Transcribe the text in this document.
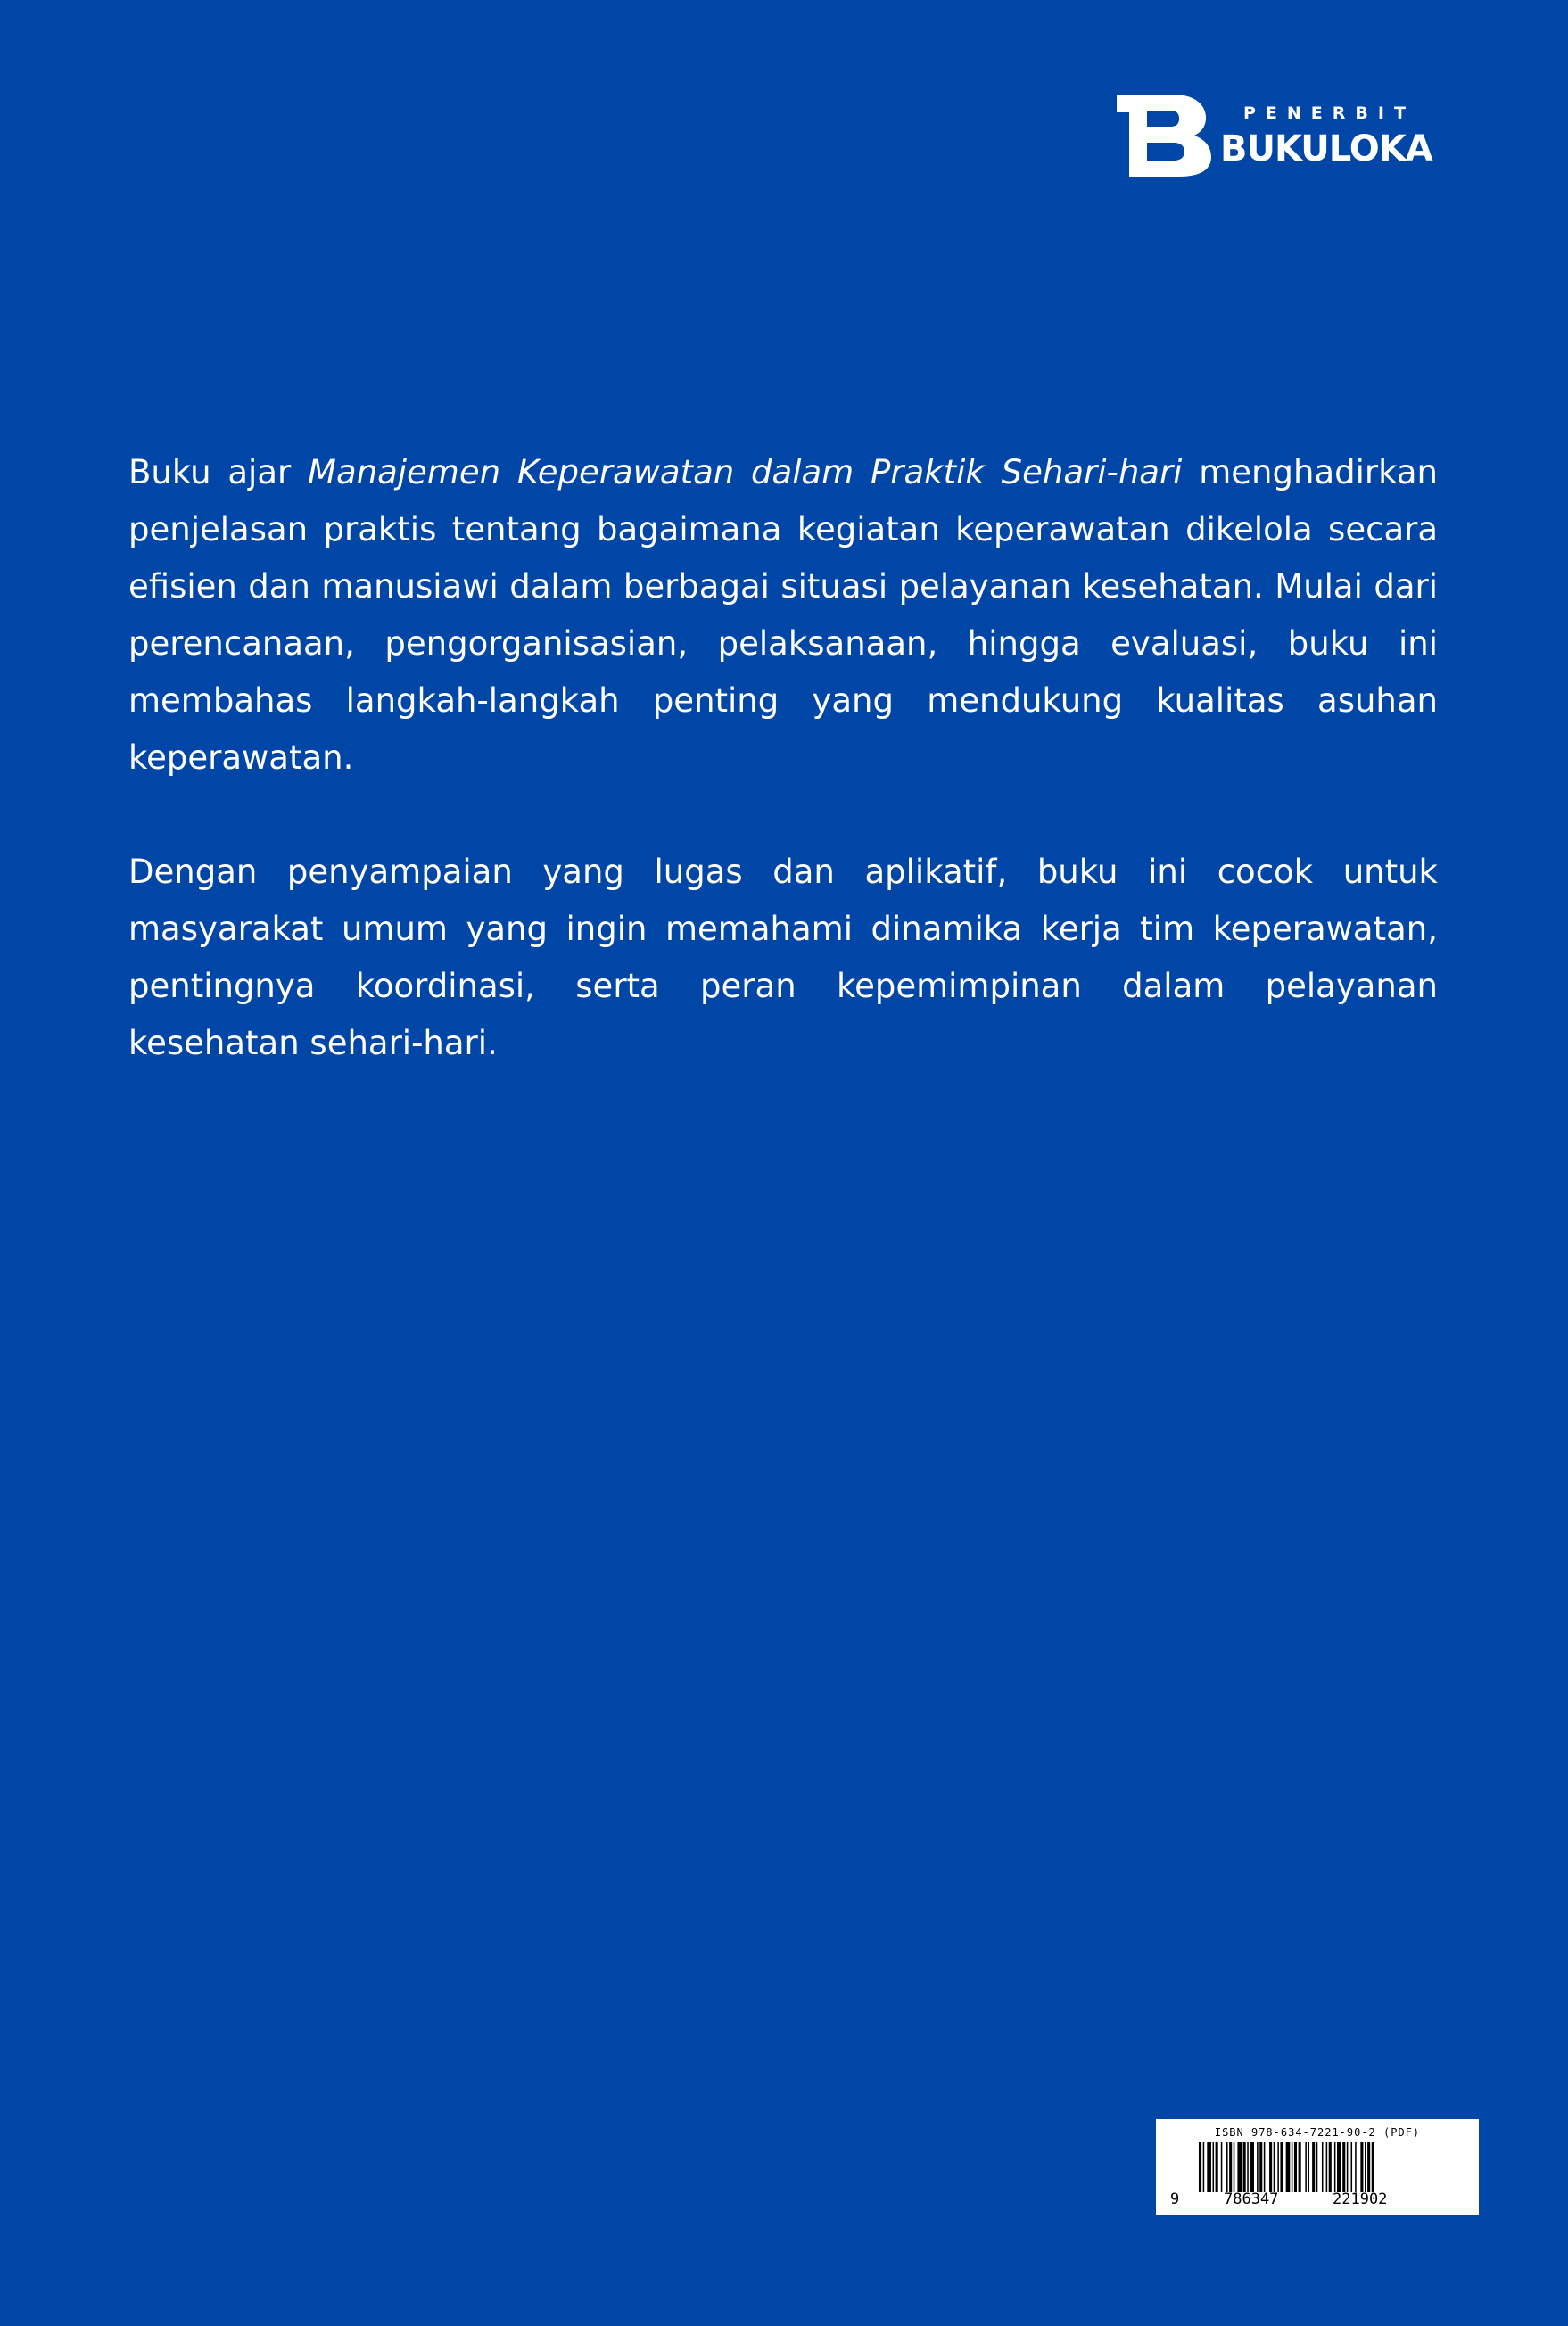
PENERBIT
BUKULOKA

Buku ajar Manajemen Keperawatan dalam Praktik Sehari-hari menghadirkan penjelasan praktis tentang bagaimana kegiatan keperawatan dikelola secara efisien dan manusiawi dalam berbagai situasi pelayanan kesehatan. Mulai dari perencanaan, pengorganisasian, pelaksanaan, hingga evaluasi, buku ini membahas langkah-langkah penting yang mendukung kualitas asuhan keperawatan.

Dengan penyampaian yang lugas dan aplikatif, buku ini cocok untuk masyarakat umum yang ingin memahami dinamika kerja tim keperawatan, pentingnya koordinasi, serta peran kepemimpinan dalam pelayanan kesehatan sehari-hari.

ISBN 978-634-7221-90-2 (PDF)
9	786347	221902
